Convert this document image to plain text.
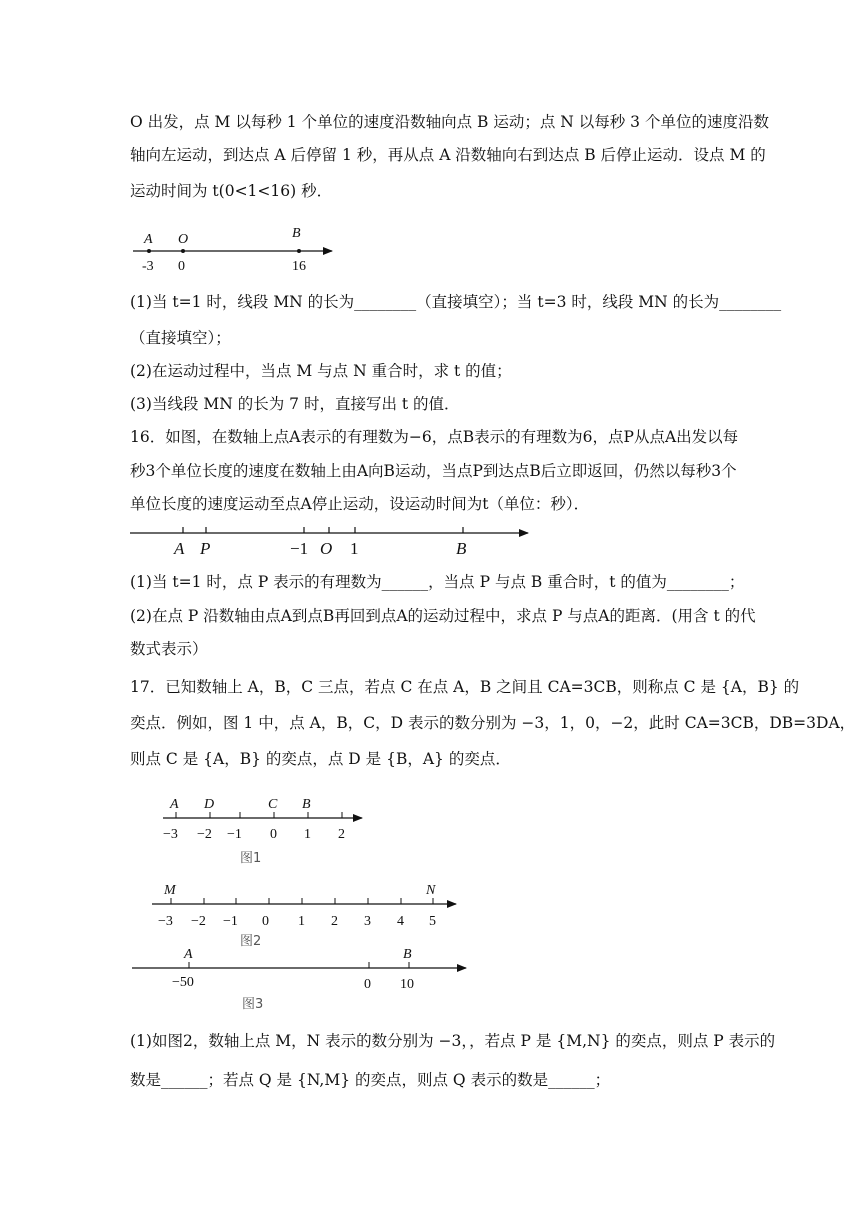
O 出发，点 M 以每秒 1 个单位的速度沿数轴向点 B 运动；点 N 以每秒 3 个单位的速度沿数
轴向左运动，到达点 A 后停留 1 秒，再从点 A 沿数轴向右到达点 B 后停止运动．设点 M 的
运动时间为 t(0<1<16) 秒．
(1)当 t=1 时，线段 MN 的长为________（直接填空）；当 t=3 时，线段 MN 的长为________
（直接填空）；
(2)在运动过程中，当点 M 与点 N 重合时，求 t 的值；
(3)当线段 MN 的长为 7 时，直接写出 t 的值．
16．如图，在数轴上点A表示的有理数为−6，点B表示的有理数为6，点P从点A出发以每
秒3个单位长度的速度在数轴上由A向B运动，当点P到达点B后立即返回，仍然以每秒3个
单位长度的速度运动至点A停止运动，设运动时间为t（单位：秒）．
(1)当 t=1 时，点 P 表示的有理数为______，当点 P 与点 B 重合时，t 的值为________；
(2)在点 P 沿数轴由点A到点B再回到点A的运动过程中，求点 P 与点A的距离．(用含 t 的代
数式表示）
17．已知数轴上 A，B，C 三点，若点 C 在点 A，B 之间且 CA=3CB，则称点 C 是 {A，B} 的
奕点．例如，图 1 中，点 A，B，C，D 表示的数分别为 −3，1，0，−2，此时 CA=3CB，DB=3DA，
则点 C 是 {A，B} 的奕点，点 D 是 {B，A} 的奕点．
(1)如图2，数轴上点 M，N 表示的数分别为 −3，，若点 P 是 {M,N} 的奕点，则点 P 表示的
数是______；若点 Q 是 {N,M} 的奕点，则点 Q 表示的数是______；
A O	B
-3 0	16
A P	−1 O 1	B
A D	C B
−3 −2 −1 0 1 2
图1
M	N
−3 −2 −1 0 1 2 3 4 5
图2
A	B
−50	0 10
图3
